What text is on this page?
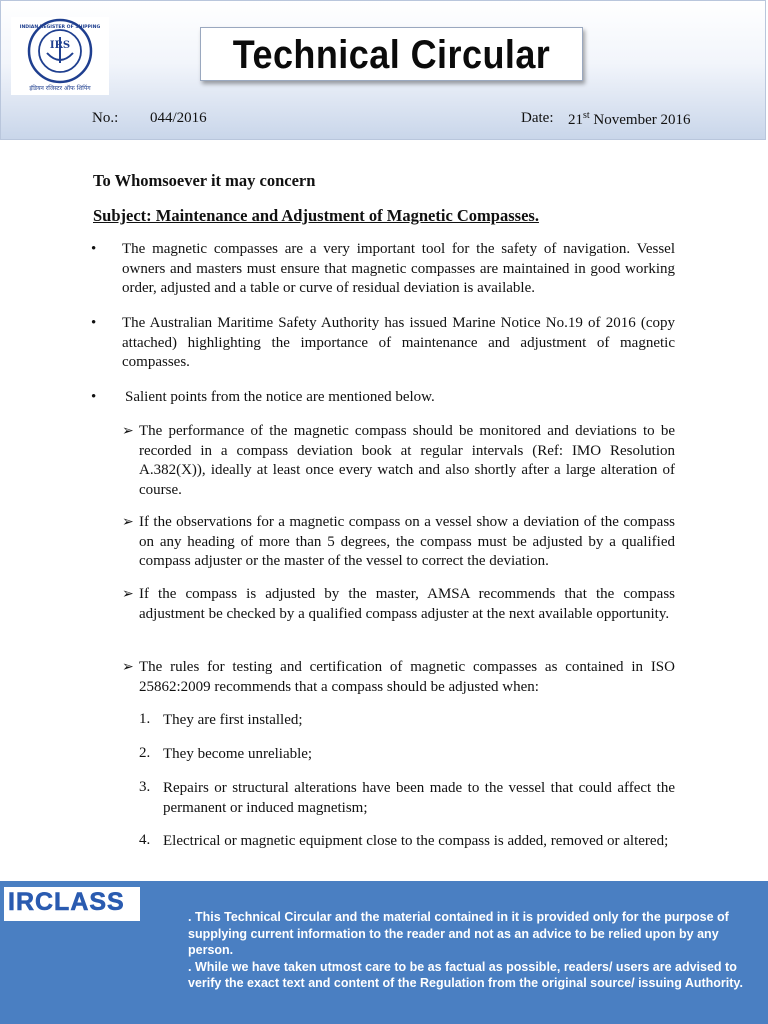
IRS
INDIAN REGISTER OF SHIPPING
इंडियन रजिस्टर ऑफ शिपिंग
Technical Circular
No.: 044/2016	Date: 21st November 2016
To Whomsoever it may concern
Subject: Maintenance and Adjustment of Magnetic Compasses.
• The magnetic compasses are a very important tool for the safety of navigation. Vessel owners and masters must ensure that magnetic compasses are maintained in good working order, adjusted and a table or curve of residual deviation is available.
• The Australian Maritime Safety Authority has issued Marine Notice No.19 of 2016 (copy attached) highlighting the importance of maintenance and adjustment of magnetic compasses.
• Salient points from the notice are mentioned below.
➢ The performance of the magnetic compass should be monitored and deviations to be recorded in a compass deviation book at regular intervals (Ref: IMO Resolution A.382(X)), ideally at least once every watch and also shortly after a large alteration of course.
➢ If the observations for a magnetic compass on a vessel show a deviation of the compass on any heading of more than 5 degrees, the compass must be adjusted by a qualified compass adjuster or the master of the vessel to correct the deviation.
➢ If the compass is adjusted by the master, AMSA recommends that the compass adjustment be checked by a qualified compass adjuster at the next available opportunity.
➢ The rules for testing and certification of magnetic compasses as contained in ISO 25862:2009 recommends that a compass should be adjusted when:
1. They are first installed;
2. They become unreliable;
3. Repairs or structural alterations have been made to the vessel that could affect the permanent or induced magnetism;
4. Electrical or magnetic equipment close to the compass is added, removed or altered;
IRCLASS
. This Technical Circular and the material contained in it is provided only for the purpose of supplying current information to the reader and not as an advice to be relied upon by any person.
. While we have taken utmost care to be as factual as possible, readers/ users are advised to verify the exact text and content of the Regulation from the original source/ issuing Authority.
